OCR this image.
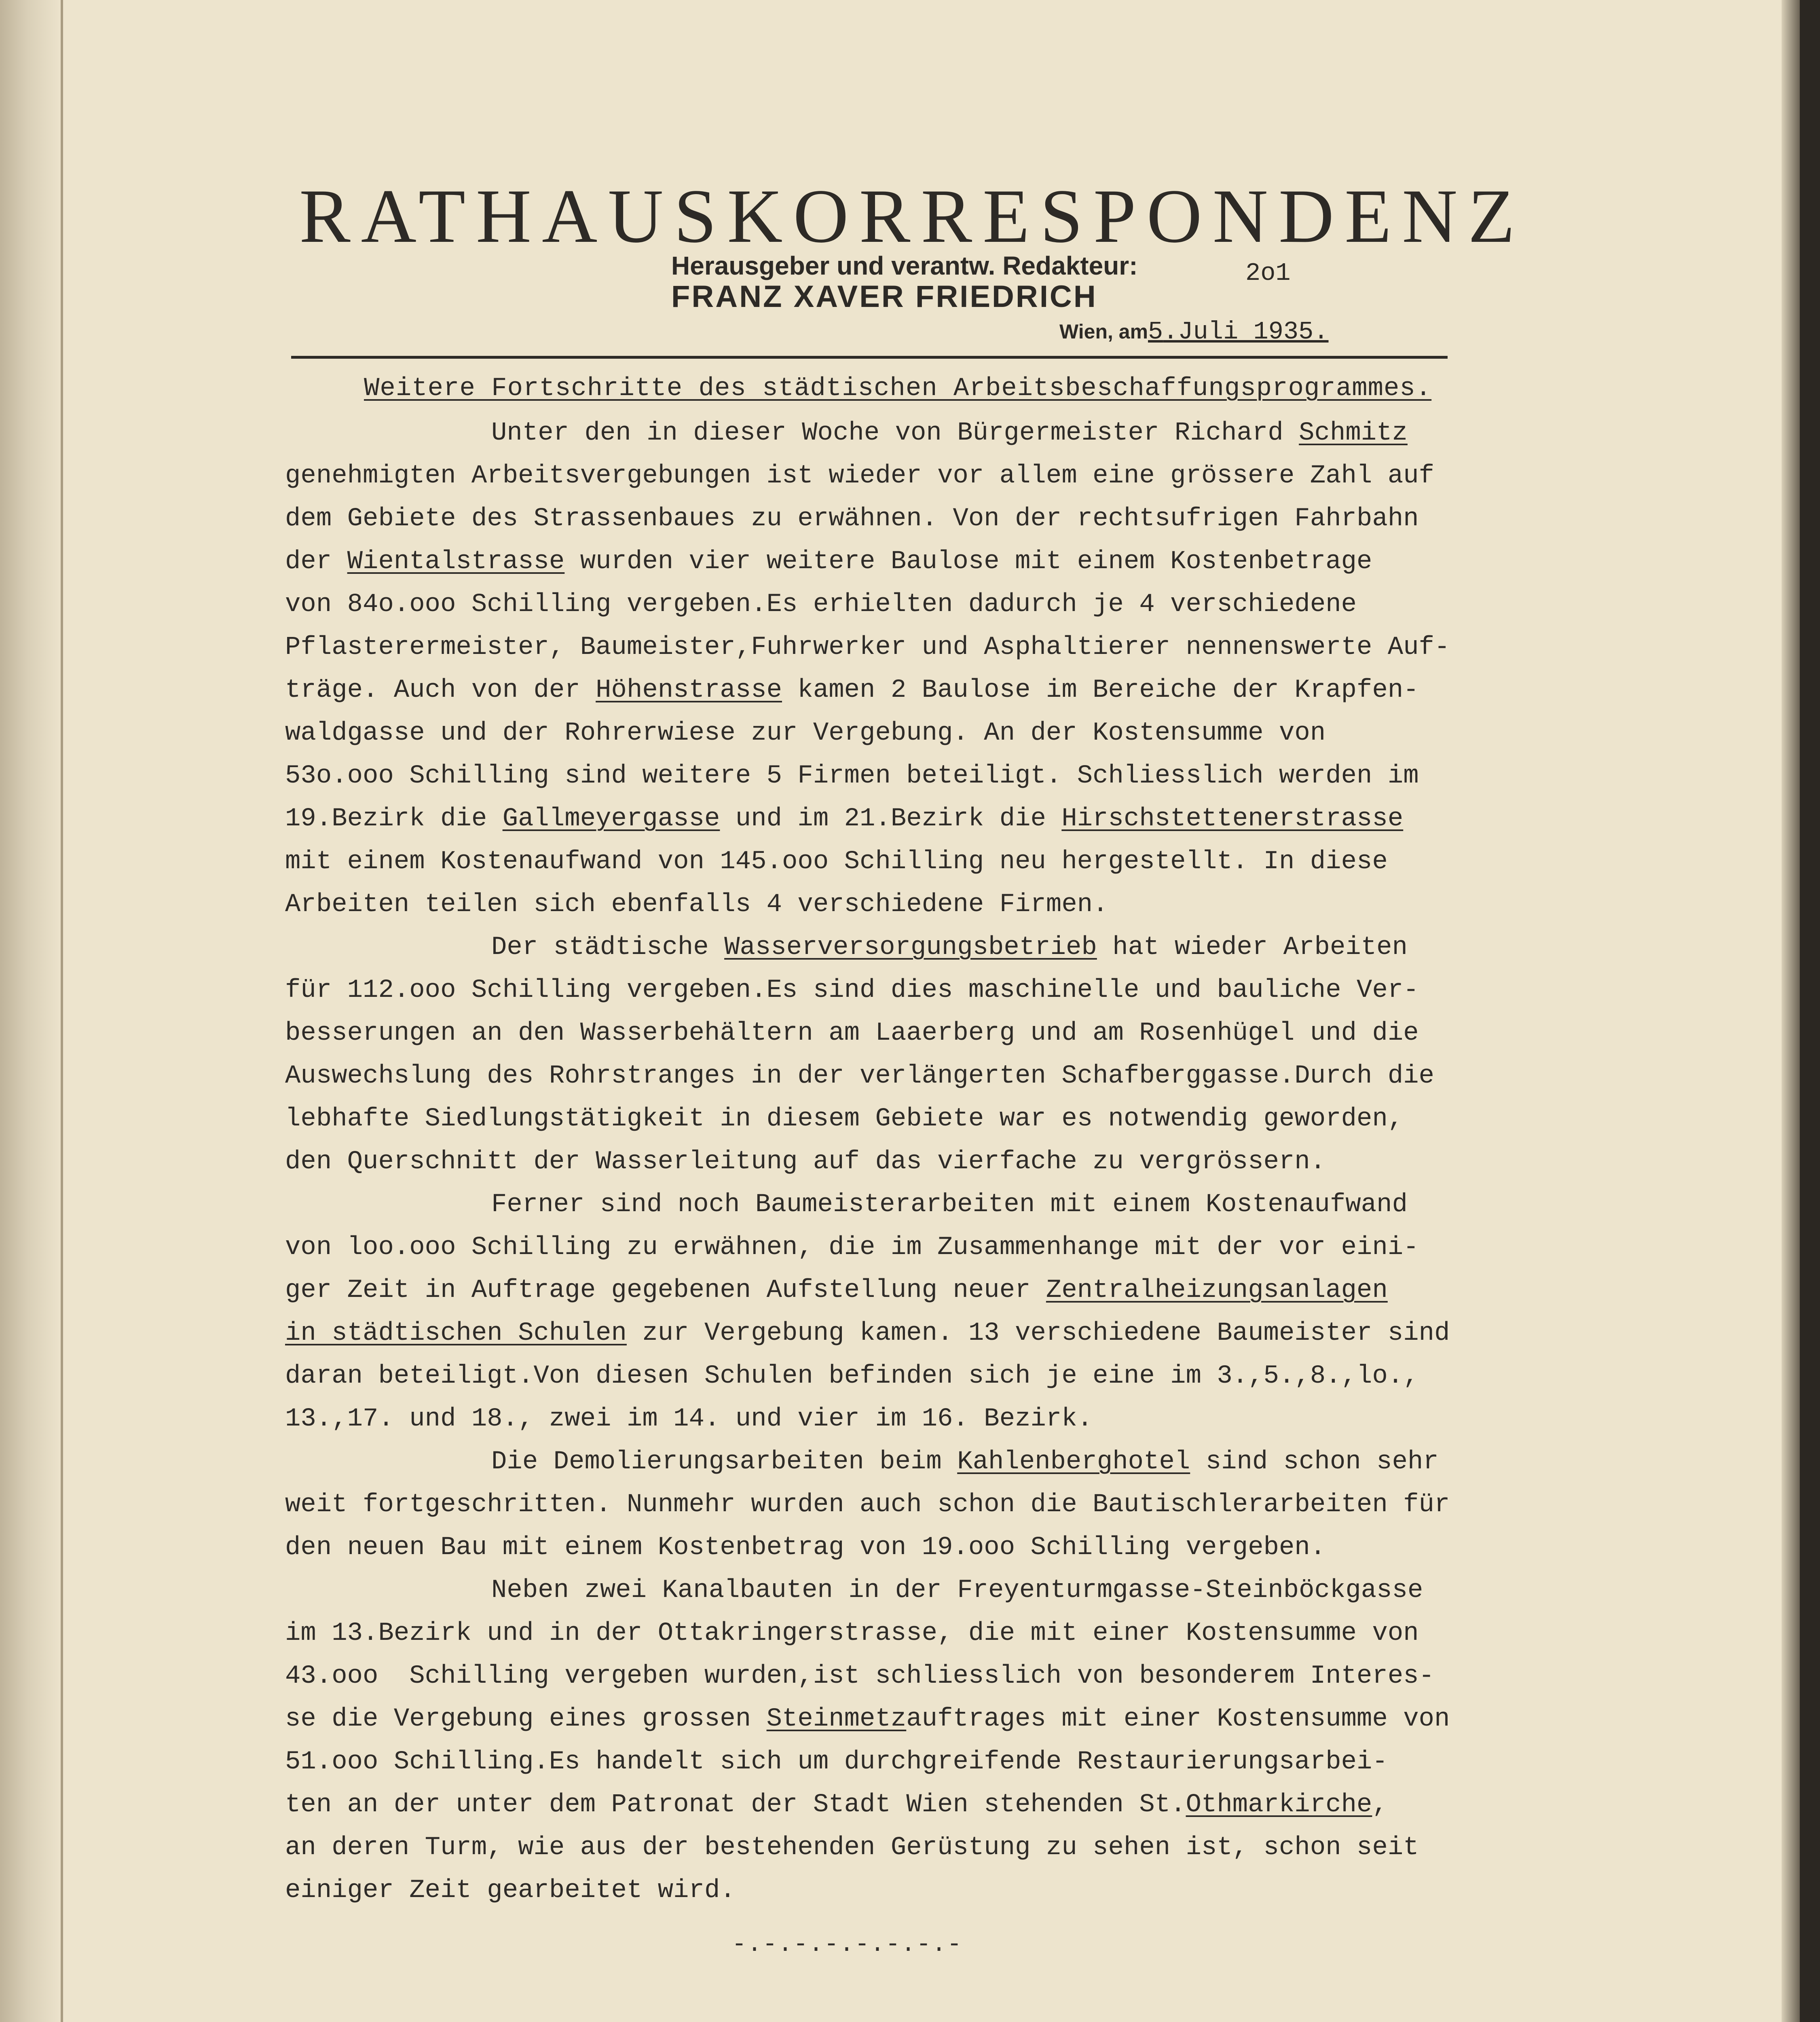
RATHAUSKORRESPONDENZ
Herausgeber und verantw. Redakteur:
FRANZ XAVER FRIEDRICH
2o1
Wien, am5.Juli 1935.
Weitere Fortschritte des städtischen Arbeitsbeschaffungsprogrammes.
Unter den in dieser Woche von Bürgermeister Richard Schmitz
genehmigten Arbeitsvergebungen ist wieder vor allem eine grössere Zahl auf
dem Gebiete des Strassenbaues zu erwähnen. Von der rechtsufrigen Fahrbahn
der Wientalstrasse wurden vier weitere Baulose mit einem Kostenbetrage
von 84o.ooo Schilling vergeben.Es erhielten dadurch je 4 verschiedene
Pflasterermeister, Baumeister,Fuhrwerker und Asphaltierer nennenswerte Auf-
träge. Auch von der Höhenstrasse kamen 2 Baulose im Bereiche der Krapfen-
waldgasse und der Rohrerwiese zur Vergebung. An der Kostensumme von
53o.ooo Schilling sind weitere 5 Firmen beteiligt. Schliesslich werden im
19.Bezirk die Gallmeyergasse und im 21.Bezirk die Hirschstettenerstrasse
mit einem Kostenaufwand von 145.ooo Schilling neu hergestellt. In diese
Arbeiten teilen sich ebenfalls 4 verschiedene Firmen.
Der städtische Wasserversorgungsbetrieb hat wieder Arbeiten
für 112.ooo Schilling vergeben.Es sind dies maschinelle und bauliche Ver-
besserungen an den Wasserbehältern am Laaerberg und am Rosenhügel und die
Auswechslung des Rohrstranges in der verlängerten Schafberggasse.Durch die
lebhafte Siedlungstätigkeit in diesem Gebiete war es notwendig geworden,
den Querschnitt der Wasserleitung auf das vierfache zu vergrössern.
Ferner sind noch Baumeisterarbeiten mit einem Kostenaufwand
von loo.ooo Schilling zu erwähnen, die im Zusammenhange mit der vor eini-
ger Zeit in Auftrage gegebenen Aufstellung neuer Zentralheizungsanlagen
in städtischen Schulen zur Vergebung kamen. 13 verschiedene Baumeister sind
daran beteiligt.Von diesen Schulen befinden sich je eine im 3.,5.,8.,lo.,
13.,17. und 18., zwei im 14. und vier im 16. Bezirk.
Die Demolierungsarbeiten beim Kahlenberghotel sind schon sehr
weit fortgeschritten. Nunmehr wurden auch schon die Bautischlerarbeiten für
den neuen Bau mit einem Kostenbetrag von 19.ooo Schilling vergeben.
Neben zwei Kanalbauten in der Freyenturmgasse-Steinböckgasse
im 13.Bezirk und in der Ottakringerstrasse, die mit einer Kostensumme von
43.ooo  Schilling vergeben wurden,ist schliesslich von besonderem Interes-
se die Vergebung eines grossen Steinmetzauftrages mit einer Kostensumme von
51.ooo Schilling.Es handelt sich um durchgreifende Restaurierungsarbei-
ten an der unter dem Patronat der Stadt Wien stehenden St.Othmarkirche,
an deren Turm, wie aus der bestehenden Gerüstung zu sehen ist, schon seit
einiger Zeit gearbeitet wird.
-.-.-.-.-.-.-.-
